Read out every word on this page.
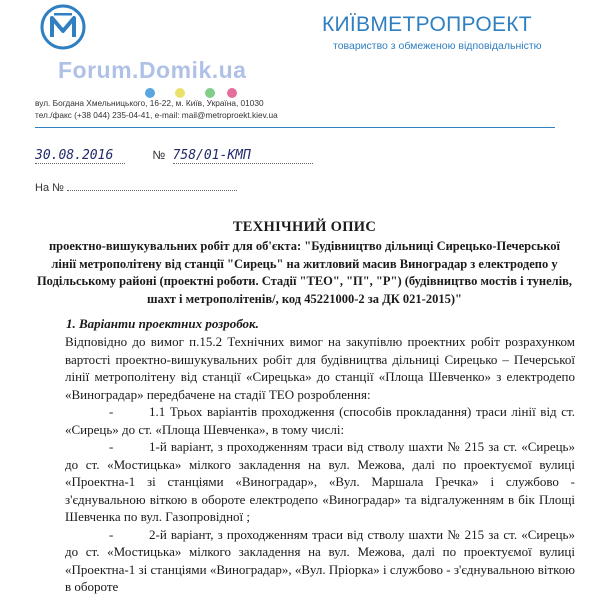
КИЇВМЕТРОПРОЕКТ
товариство з обмеженою відповідальністю
Forum.Domik.ua
вул. Богдана Хмельницького, 16-22, м. Київ, Україна, 01030
тел./факс (+38 044) 235-04-41, e-mail: mail@metroproekt.kiev.ua
30.08.2016	№ 758/01-КМП
На №
ТЕХНІЧНИЙ ОПИС
проектно-вишукувальних робіт для об'єкта: "Будівництво дільниці Сирецько-Печерської лінії метрополітену від станції "Сирець" на житловий масив Виноградар з електродепо у Подільському районі (проектні роботи. Стадії "ТЕО", "П", "Р") (будівництво мостів і тунелів, шахт і метрополітенів/, код 45221000-2 за ДК 021-2015)"
1. Варіанти проектних розробок.

Відповідно до вимог п.15.2 Технічних вимог на закупівлю проектних робіт розрахунком вартості проектно-вишукувальних робіт для будівництва дільниці Сирецько – Печерської лінії метрополітену від станції «Сирецька» до станції «Площа Шевченко» з електродепо «Виноградар» передбачене на стадії ТЕО розроблення:

-	1.1 Трьох варіантів проходження (способів прокладання) траси лінії від ст. «Сирець» до ст. «Площа Шевченка», в тому числі:

-	1-й варіант, з проходженням траси від стволу шахти № 215 за ст. «Сирець» до ст. «Мостицька» мілкого закладення на вул. Межова, далі по проектуємої вулиці «Проектна-1 зі станціями «Виноградар», «Вул. Маршала Гречка» і службово - з'єднувальною віткою в обороте електродепо «Виноградар» та відгалуженням в бік Площі Шевченка по вул. Газопровідної ;

-	2-й варіант, з проходженням траси від стволу шахти № 215 за ст. «Сирець» до ст. «Мостицька» мілкого закладення на вул. Межова, далі по проектуємої вулиці «Проектна-1 зі станціями «Виноградар», «Вул. Пріорка» і службово - з'єднувальною віткою в обороте
